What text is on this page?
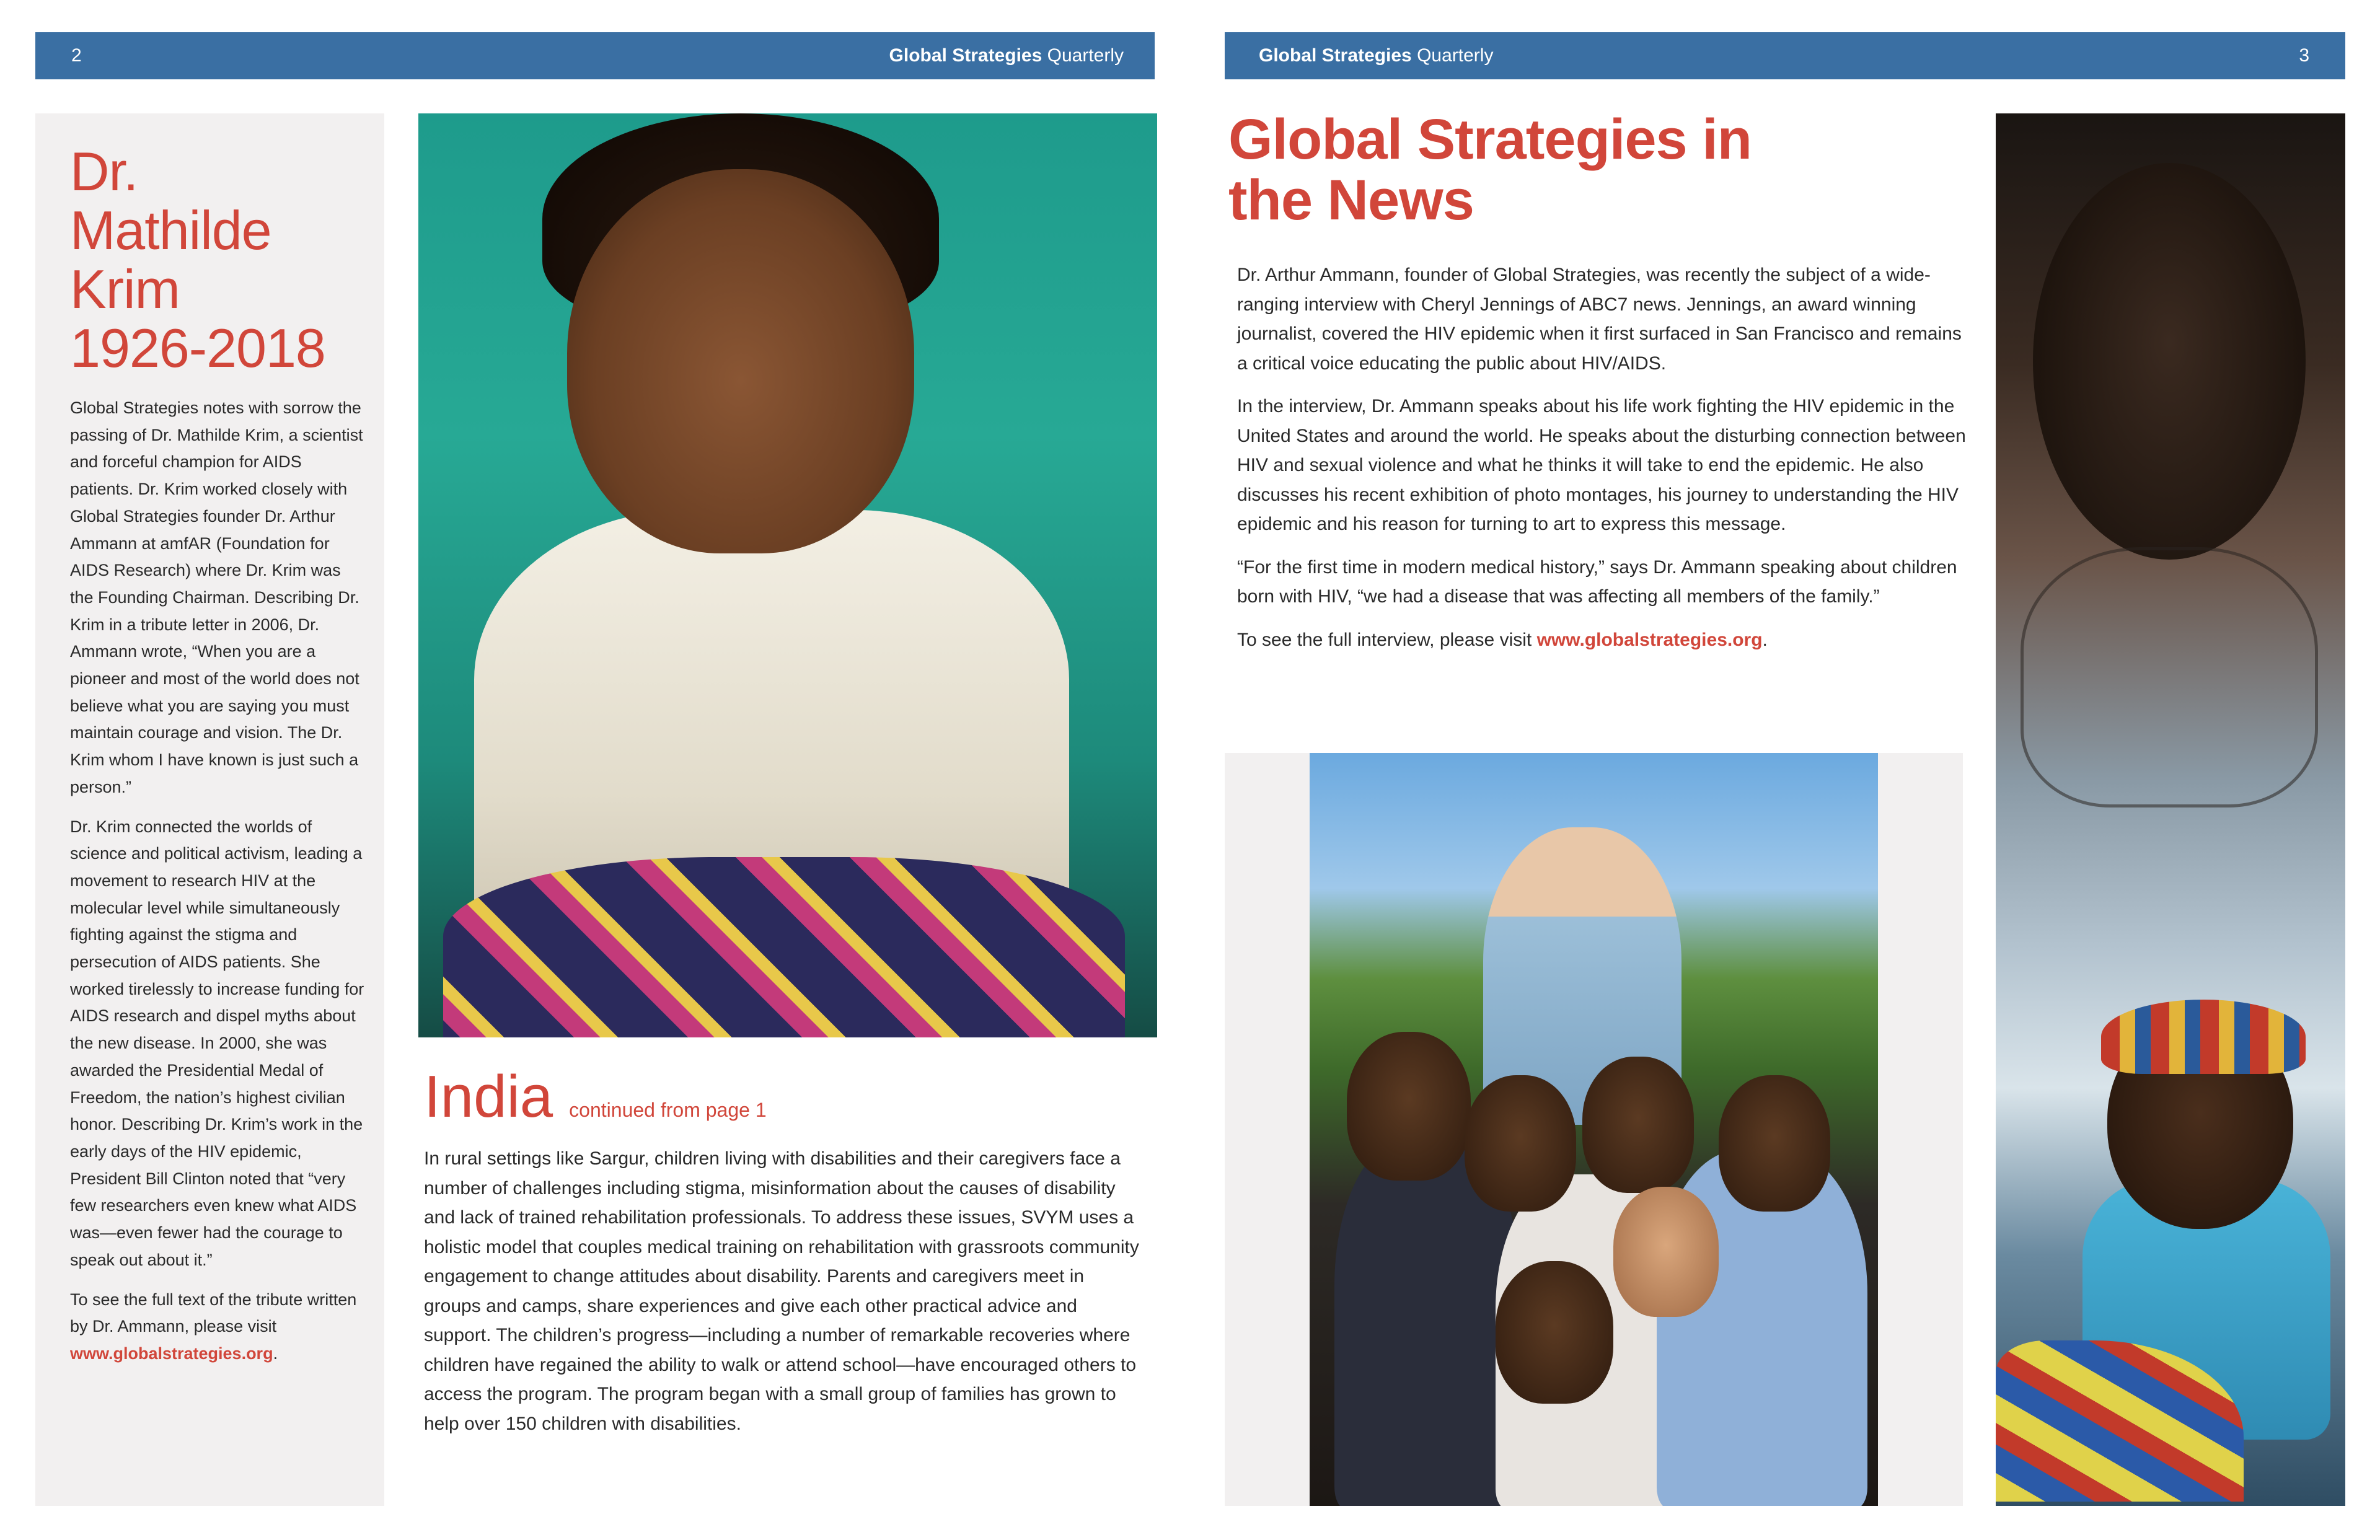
2	Global Strategies Quarterly	Global Strategies Quarterly	3
Dr.
Mathilde
Krim
1926-2018

Global Strategies notes with sorrow the passing of Dr. Mathilde Krim, a scientist and forceful champion for AIDS patients. Dr. Krim worked closely with Global Strategies founder Dr. Arthur Ammann at amfAR (Foundation for AIDS Research) where Dr. Krim was the Founding Chairman. Describing Dr. Krim in a tribute letter in 2006, Dr. Ammann wrote, “When you are a pioneer and most of the world does not believe what you are saying you must maintain courage and vision. The Dr. Krim whom I have known is just such a person.”

Dr. Krim connected the worlds of science and political activism, leading a movement to research HIV at the molecular level while simultaneously fighting against the stigma and persecution of AIDS patients. She worked tirelessly to increase funding for AIDS research and dispel myths about the new disease. In 2000, she was awarded the Presidential Medal of Freedom, the nation’s highest civilian honor. Describing Dr. Krim’s work in the early days of the HIV epidemic, President Bill Clinton noted that “very few researchers even knew what AIDS was—even fewer had the courage to speak out about it.”

To see the full text of the tribute written by Dr. Ammann, please visit www.globalstrategies.org.

India continued from page 1

In rural settings like Sargur, children living with disabilities and their caregivers face a number of challenges including stigma, misinformation about the causes of disability and lack of trained rehabilitation professionals. To address these issues, SVYM uses a holistic model that couples medical training on rehabilitation with grassroots community engagement to change attitudes about disability. Parents and caregivers meet in groups and camps, share experiences and give each other practical advice and support. The children’s progress—including a number of remarkable recoveries where children have regained the ability to walk or attend school—have encouraged others to access the program. The program began with a small group of families has grown to help over 150 children with disabilities.

Global Strategies in
the News

Dr. Arthur Ammann, founder of Global Strategies, was recently the subject of a wide-ranging interview with Cheryl Jennings of ABC7 news. Jennings, an award winning journalist, covered the HIV epidemic when it first surfaced in San Francisco and remains a critical voice educating the public about HIV/AIDS.

In the interview, Dr. Ammann speaks about his life work fighting the HIV epidemic in the United States and around the world. He speaks about the disturbing connection between HIV and sexual violence and what he thinks it will take to end the epidemic. He also discusses his recent exhibition of photo montages, his journey to understanding the HIV epidemic and his reason for turning to art to express this message.

“For the first time in modern medical history,” says Dr. Ammann speaking about children born with HIV, “we had a disease that was affecting all members of the family.”

To see the full interview, please visit www.globalstrategies.org.
